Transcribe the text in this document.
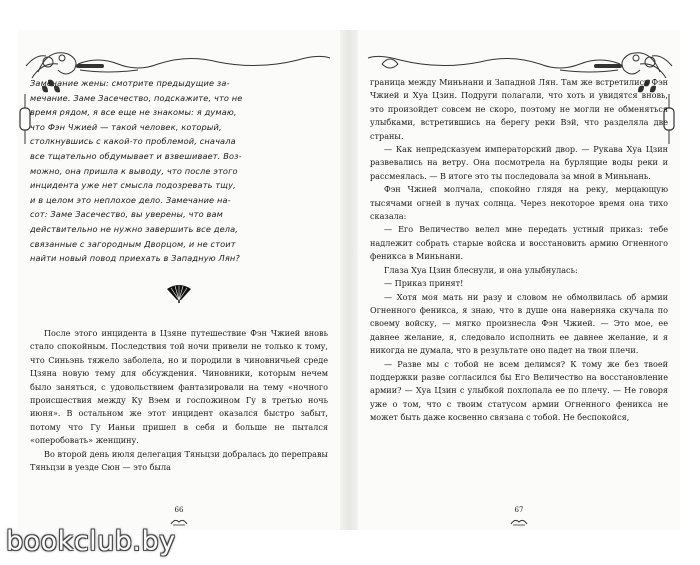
Замечание жены: смотрите предыдущие за-

мечание. Заме Засечество, подскажите, что не

время рядом, я все еще не знакомы: я думаю,

что Фэн Чжией — такой человек, который,

столкнувшись с какой-то проблемой, сначала

все тщательно обдумывает и взвешивает. Воз-

можно, она пришла к выводу, что после этого

инцидента уже нет смысла подозревать тщу,

и в целом это неплохое дело. Замечание на-

сот: Заме Засечество, вы уверены, что вам

действительно не нужно завершить все дела,

связанные с загородным Дворцом, и не стоит

найти новый повод приехать в Западную Лян?

После этого инцидента в Цзяне путешествие Фэн Чжией вновь стало спокойным. Последствия той ночи привели не только к тому, что Синьэнь тяжело заболела, но и породили в чиновничьей среде Цзяна новую тему для обсуждения. Чиновники, которым нечем было заняться, с удовольствием фантазировали на тему «ночного происшествия между Ку Вэем и госпожином Гу в третью ночь июня». В остальном же этот инцидент оказался быстро забыт, потому что Гу Ианьи пришел в себя и больше не пытался «оперобовать» женщину.

Во второй день июля делегация Тяньцзи добралась до переправы Тяньцзи в уезде Сюн — это была

66

граница между Миньнани и Западной Лян. Там же встретились Фэн Чжией и Хуа Цзин. Подруги полагали, что хоть и увидятся вновь, это произойдет совсем не скоро, поэтому не могли не обменяться улыбками, встретившись на берегу реки Вэй, что разделяла две страны.

— Как непредсказуем императорский двор. — Рукава Хуа Цзин развевались на ветру. Она посмотрела на бурлящие воды реки и рассмеялась. — В итоге это ты последовала за мной в Миньнань.

Фэн Чжией молчала, спокойно глядя на реку, мерцающую тысячами огней в лучах солнца. Через некоторое время она тихо сказала:

— Его Величество велел мне передать устный приказ: тебе надлежит собрать старые войска и восстановить армию Огненного феникса в Миньнани.

Глаза Хуа Цзин блеснули, и она улыбнулась:

— Приказ принят!

— Хотя моя мать ни разу и словом не обмолвилась об армии Огненного феникса, я знаю, что в душе она наверняка скучала по своему войску, — мягко произнесла Фэн Чжией. — Это мое, ее давнее желание, я, следовало исполнить ее давнее желание, и я никогда не думала, что в результате оно падет на твои плечи.

— Разве мы с тобой не всем делимся? К тому же без твоей поддержки разве согласился бы Его Величество на восстановление армии? — Хуа Цзин с улыбкой похлопала ее по плечу. — Не говоря уже о том, что с твоим статусом армии Огненного феникса не может быть даже косвенно связана с тобой. Не беспокойся,

67
bookclub.by
